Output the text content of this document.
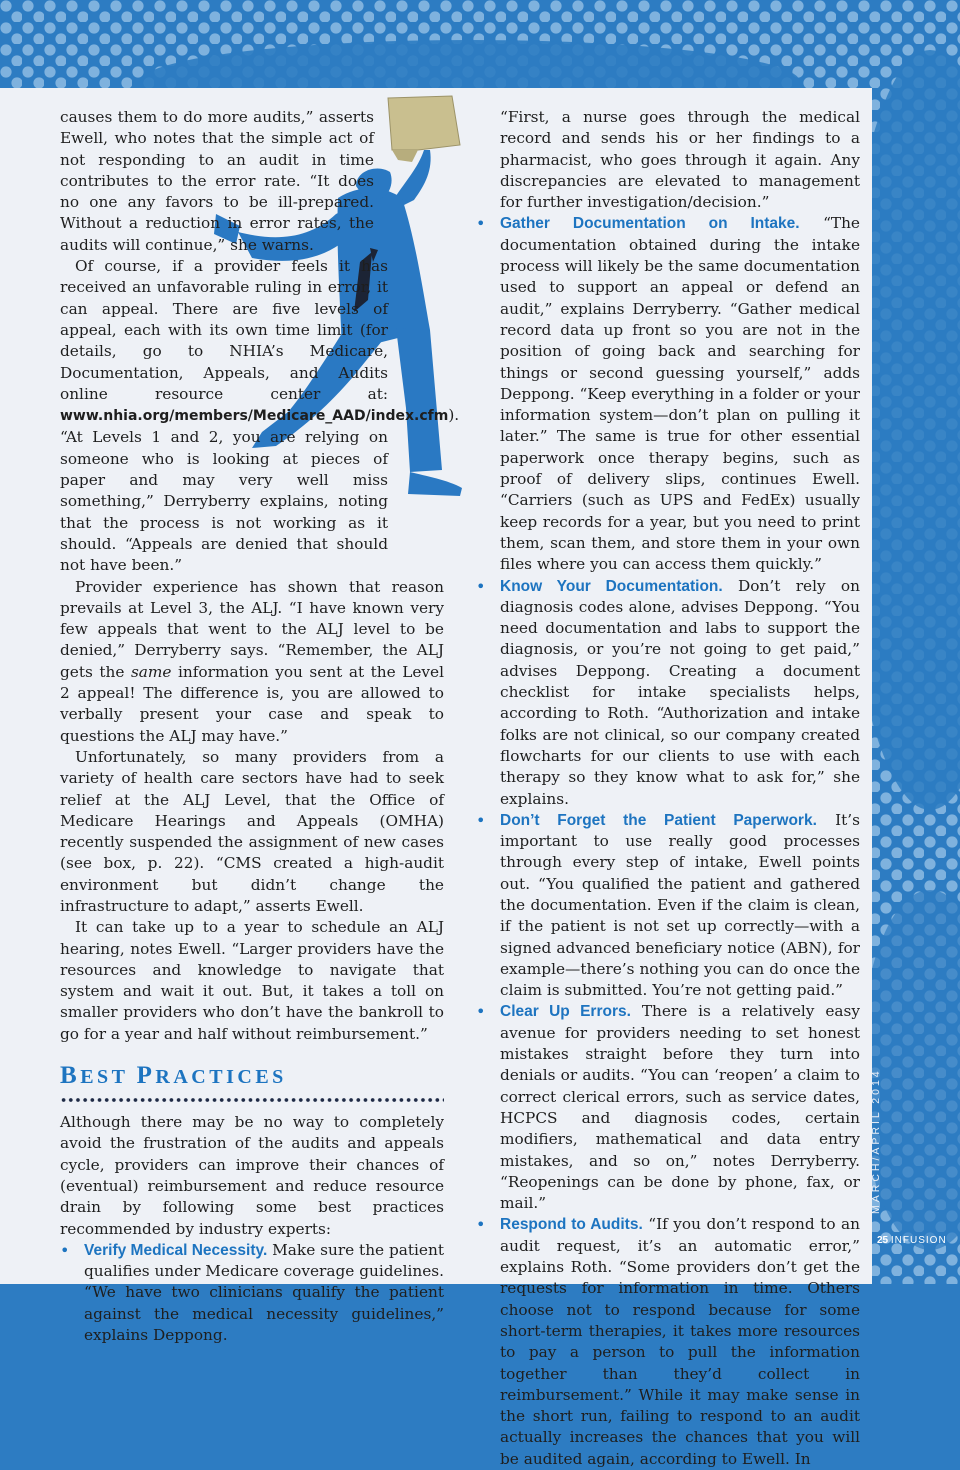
causes them to do more audits,” asserts Ewell, who notes that the simple act of not responding to an audit in time contributes to the error rate. “It does no one any favors to be ill-prepared. Without a reduction in error rates, the audits will continue,” she warns.

Of course, if a provider feels it has received an unfavorable ruling in error, it can appeal. There are five levels of appeal, each with its own time limit (for details, go to NHIA’s Medicare, Documentation, Appeals, and Audits online resource center at: www.nhia.org/members/Medicare_AAD/index.cfm). “At Levels 1 and 2, you are relying on someone who is looking at pieces of paper and may very well miss something,” Derryberry explains, noting that the process is not working as it should. “Appeals are denied that should not have been.”

Provider experience has shown that reason prevails at Level 3, the ALJ. “I have known very few appeals that went to the ALJ level to be denied,” Derryberry says. “Remember, the ALJ gets the same information you sent at the Level 2 appeal! The difference is, you are allowed to verbally present your case and speak to questions the ALJ may have.”

Unfortunately, so many providers from a variety of health care sectors have had to seek relief at the ALJ Level, that the Office of Medicare Hearings and Appeals (OMHA) recently suspended the assignment of new cases (see box, p. 22). “CMS created a high-audit environment but didn’t change the infrastructure to adapt,” asserts Ewell.

It can take up to a year to schedule an ALJ hearing, notes Ewell. “Larger providers have the resources and knowledge to navigate that system and wait it out. But, it takes a toll on smaller providers who don’t have the bankroll to go for a year and half without reimbursement.”

BEST PRACTICES

Although there may be no way to completely avoid the frustration of the audits and appeals cycle, providers can improve their chances of (eventual) reimbursement and reduce resource drain by following some best practices recommended by industry experts:

• Verify Medical Necessity. Make sure the patient qualifies under Medicare coverage guidelines. “We have two clinicians qualify the patient against the medical necessity guidelines,” explains Deppong.

“First, a nurse goes through the medical record and sends his or her findings to a pharmacist, who goes through it again. Any discrepancies are elevated to management for further investigation/decision.”

• Gather Documentation on Intake. “The documentation obtained during the intake process will likely be the same documentation used to support an appeal or defend an audit,” explains Derryberry. “Gather medical record data up front so you are not in the position of going back and searching for things or second guessing yourself,” adds Deppong. “Keep everything in a folder or your information system—don’t plan on pulling it later.” The same is true for other essential paperwork once therapy begins, such as proof of delivery slips, continues Ewell. “Carriers (such as UPS and FedEx) usually keep records for a year, but you need to print them, scan them, and store them in your own files where you can access them quickly.”

• Know Your Documentation. Don’t rely on diagnosis codes alone, advises Deppong. “You need documentation and labs to support the diagnosis, or you’re not going to get paid,” advises Deppong. Creating a document checklist for intake specialists helps, according to Roth. “Authorization and intake folks are not clinical, so our company created flowcharts for our clients to use with each therapy so they know what to ask for,” she explains.

• Don’t Forget the Patient Paperwork. It’s important to use really good processes through every step of intake, Ewell points out. “You qualified the patient and gathered the documentation. Even if the claim is clean, if the patient is not set up correctly—with a signed advanced beneficiary notice (ABN), for example—there’s nothing you can do once the claim is submitted. You’re not getting paid.”

• Clear Up Errors. There is a relatively easy avenue for providers needing to set honest mistakes straight before they turn into denials or audits. “You can ‘reopen’ a claim to correct clerical errors, such as service dates, HCPCS and diagnosis codes, certain modifiers, mathematical and data entry mistakes, and so on,” notes Derryberry. “Reopenings can be done by phone, fax, or mail.”

• Respond to Audits. “If you don’t respond to an audit request, it’s an automatic error,” explains Roth. “Some providers don’t get the requests for information in time. Others choose not to respond because for some short-term therapies, it takes more resources to pay a person to pull the information together than they’d collect in reimbursement.” While it may make sense in the short run, failing to respond to an audit actually increases the chances that you will be audited again, according to Ewell. In

MARCH/APRIL 2014
25 INFUSION
